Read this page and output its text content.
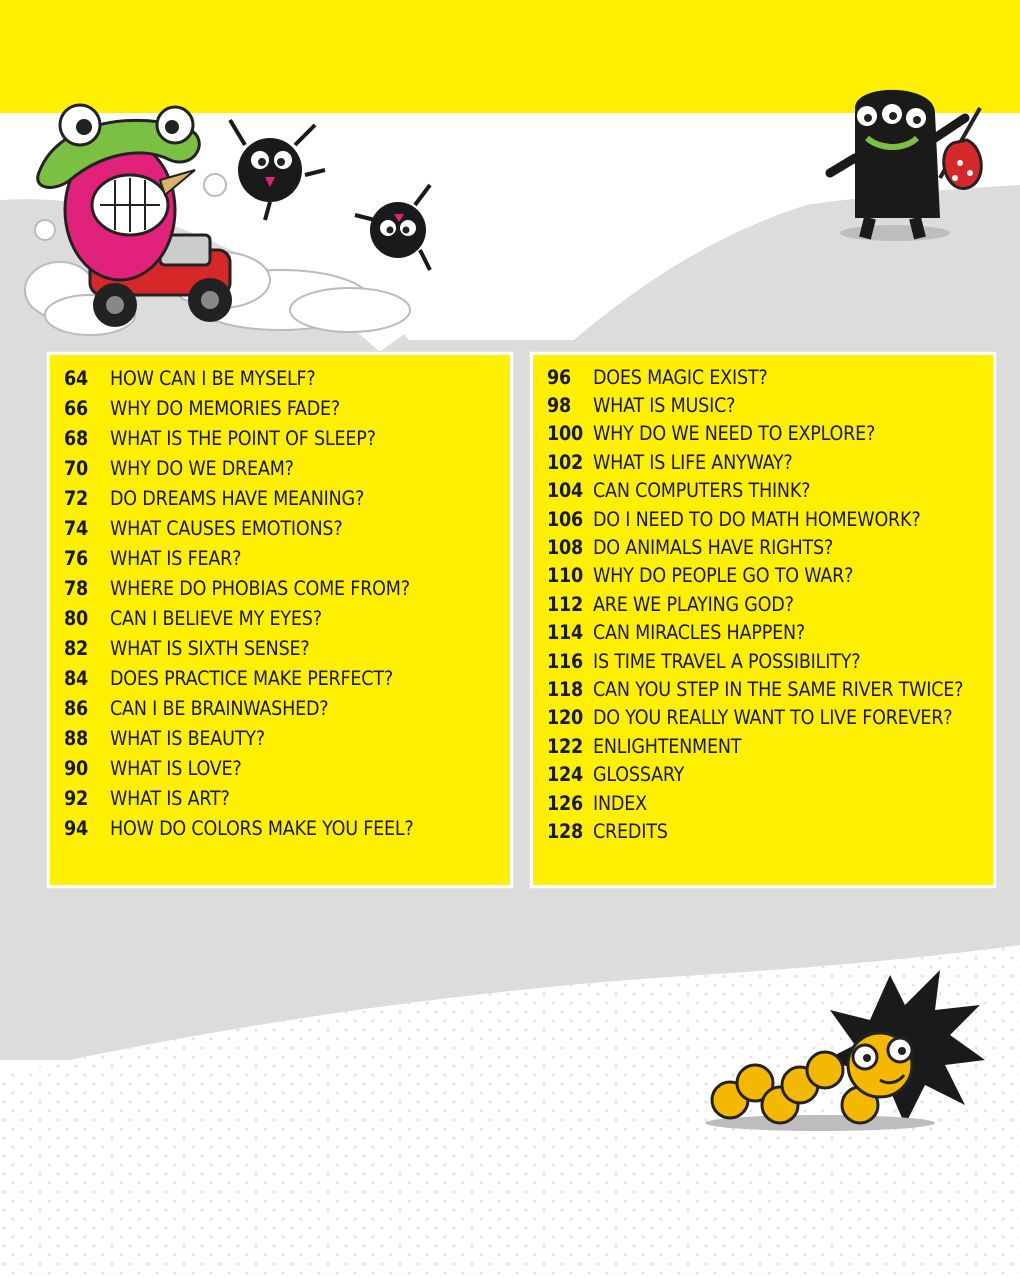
64	HOW CAN I BE MYSELF?
66	WHY DO MEMORIES FADE?
68	WHAT IS THE POINT OF SLEEP?
70	WHY DO WE DREAM?
72	DO DREAMS HAVE MEANING?
74	WHAT CAUSES EMOTIONS?
76	WHAT IS FEAR?
78	WHERE DO PHOBIAS COME FROM?
80	CAN I BELIEVE MY EYES?
82	WHAT IS SIXTH SENSE?
84	DOES PRACTICE MAKE PERFECT?
86	CAN I BE BRAINWASHED?
88	WHAT IS BEAUTY?
90	WHAT IS LOVE?
92	WHAT IS ART?
94	HOW DO COLORS MAKE YOU FEEL?
96	DOES MAGIC EXIST?
98	WHAT IS MUSIC?
100 WHY DO WE NEED TO EXPLORE?
102 WHAT IS LIFE ANYWAY?
104 CAN COMPUTERS THINK?
106 DO I NEED TO DO MATH HOMEWORK?
108 DO ANIMALS HAVE RIGHTS?
110 WHY DO PEOPLE GO TO WAR?
112 ARE WE PLAYING GOD?
114 CAN MIRACLES HAPPEN?
116 IS TIME TRAVEL A POSSIBILITY?
118 CAN YOU STEP IN THE SAME RIVER TWICE?
120 DO YOU REALLY WANT TO LIVE FOREVER?
122 ENLIGHTENMENT
124 GLOSSARY
126 INDEX
128 CREDITS
